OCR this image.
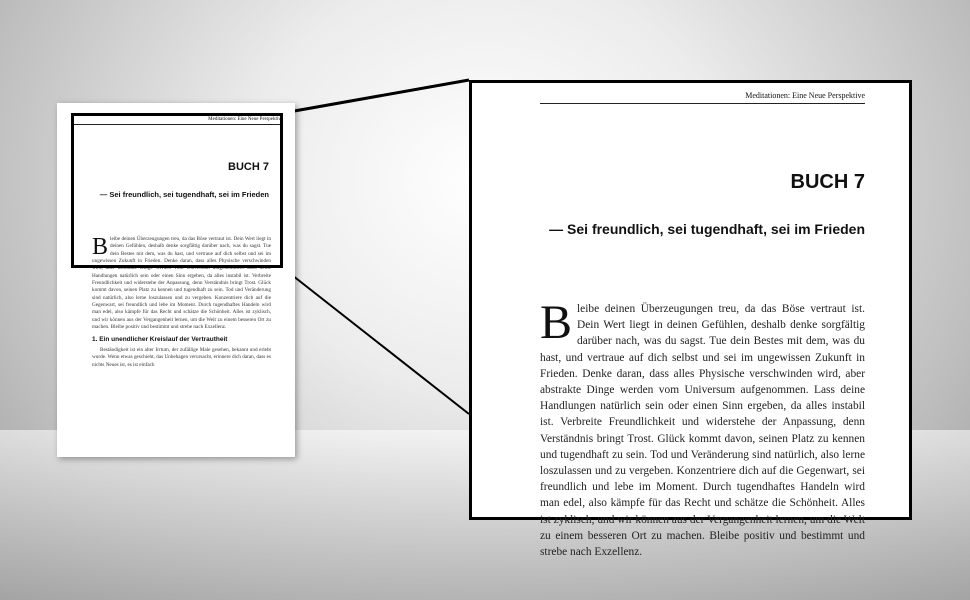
Meditationen: Eine Neue Perspektive
BUCH 7
— Sei freundlich, sei tugendhaft, sei im Frieden
Bleibe deinen Überzeugungen treu, da das Böse vertraut ist. Dein Wert liegt in deinen Gefühlen, deshalb denke sorgfältig darüber nach, was du sagst. Tue dein Bestes mit dem, was du hast, und vertraue auf dich selbst und sei im ungewissen Zukunft in Frieden. Denke daran, dass alles Physische verschwinden wird, aber abstrakte Dinge werden vom Universum aufgenommen. Lass deine Handlungen natürlich sein oder einen Sinn ergeben, da alles instabil ist. Verbreite Freundlichkeit und widerstehe der Anpassung, denn Verständnis bringt Trost. Glück kommt davon, seinen Platz zu kennen und tugendhaft zu sein. Tod und Veränderung sind natürlich, also lerne loszulassen und zu vergeben. Konzentriere dich auf die Gegenwart, sei freundlich und lebe im Moment. Durch tugendhaftes Handeln wird man edel, also kämpfe für das Recht und schätze die Schönheit. Alles ist zyklisch, und wir können aus der Vergangenheit lernen, um die Welt zu einem besseren Ort zu machen. Bleibe positiv und bestimmt und strebe nach Exzellenz.
1. Ein unendlicher Kreislauf der Vertrautheit
Beständigkeit ist ein alter Irrtum, der zufällige Male gesehen, bekannt und erlebt wurde. Wenn etwas geschieht, das Unbehagen verursacht, erinnere dich daran, dass es nichts Neues ist, es ist einfach
Meditationen: Eine Neue Perspektive
BUCH 7
— Sei freundlich, sei tugendhaft, sei im Frieden
Bleibe deinen Überzeugungen treu, da das Böse vertraut ist. Dein Wert liegt in deinen Gefühlen, deshalb denke sorgfältig darüber nach, was du sagst. Tue dein Bestes mit dem, was du hast, und vertraue auf dich selbst und sei im ungewissen Zukunft in Frieden. Denke daran, dass alles Physische verschwinden wird, aber abstrakte Dinge werden vom Universum aufgenommen. Lass deine Handlungen natürlich sein oder einen Sinn ergeben, da alles instabil ist. Verbreite Freundlichkeit und widerstehe der Anpassung, denn Verständnis bringt Trost. Glück kommt davon, seinen Platz zu kennen und tugendhaft zu sein. Tod und Veränderung sind natürlich, also lerne loszulassen und zu vergeben. Konzentriere dich auf die Gegenwart, sei freundlich und lebe im Moment. Durch tugendhaftes Handeln wird man edel, also kämpfe für das Recht und schätze die Schönheit. Alles ist zyklisch, und wir können aus der Vergangenheit lernen, um die Welt zu einem besseren Ort zu machen. Bleibe positiv und bestimmt und strebe nach Exzellenz.
